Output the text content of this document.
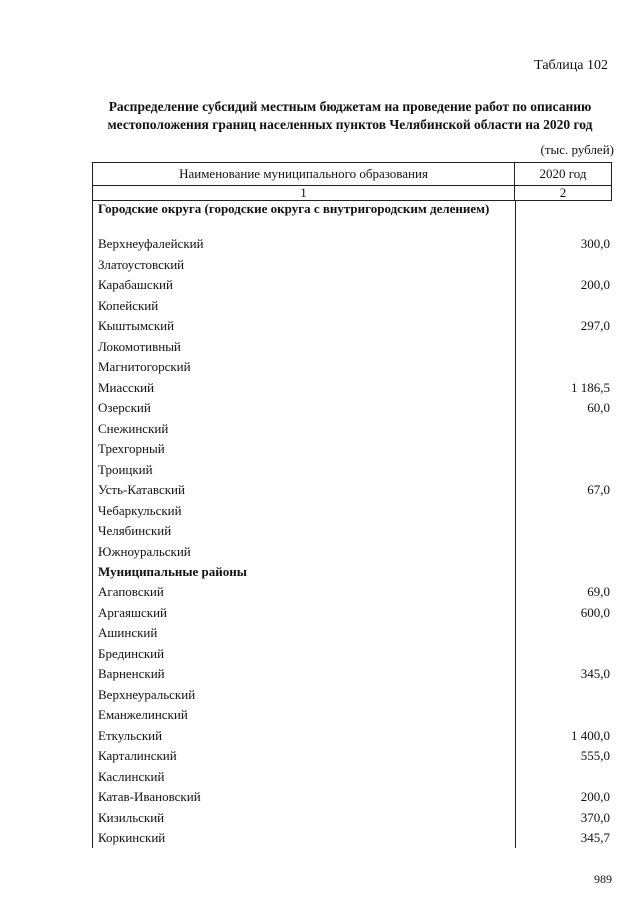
Таблица 102
Распределение субсидий местным бюджетам на проведение работ по описанию местоположения границ населенных пунктов Челябинской области на 2020 год
(тыс. рублей)
Наименование муниципального образования	2020 год
1	2
Городские округа (городские округа с внутригородским делением)
Верхнеуфалейский	300,0
Златоустовский
Карабашский	200,0
Копейский
Кыштымский	297,0
Локомотивный
Магнитогорский
Миасский	1 186,5
Озерский	60,0
Снежинский
Трехгорный
Троицкий
Усть-Катавский	67,0
Чебаркульский
Челябинский
Южноуральский
Муниципальные районы
Агаповский	69,0
Аргаяшский	600,0
Ашинский
Брединский
Варненский	345,0
Верхнеуральский
Еманжелинский
Еткульский	1 400,0
Карталинский	555,0
Каслинский
Катав-Ивановский	200,0
Кизильский	370,0
Коркинский	345,7
989
